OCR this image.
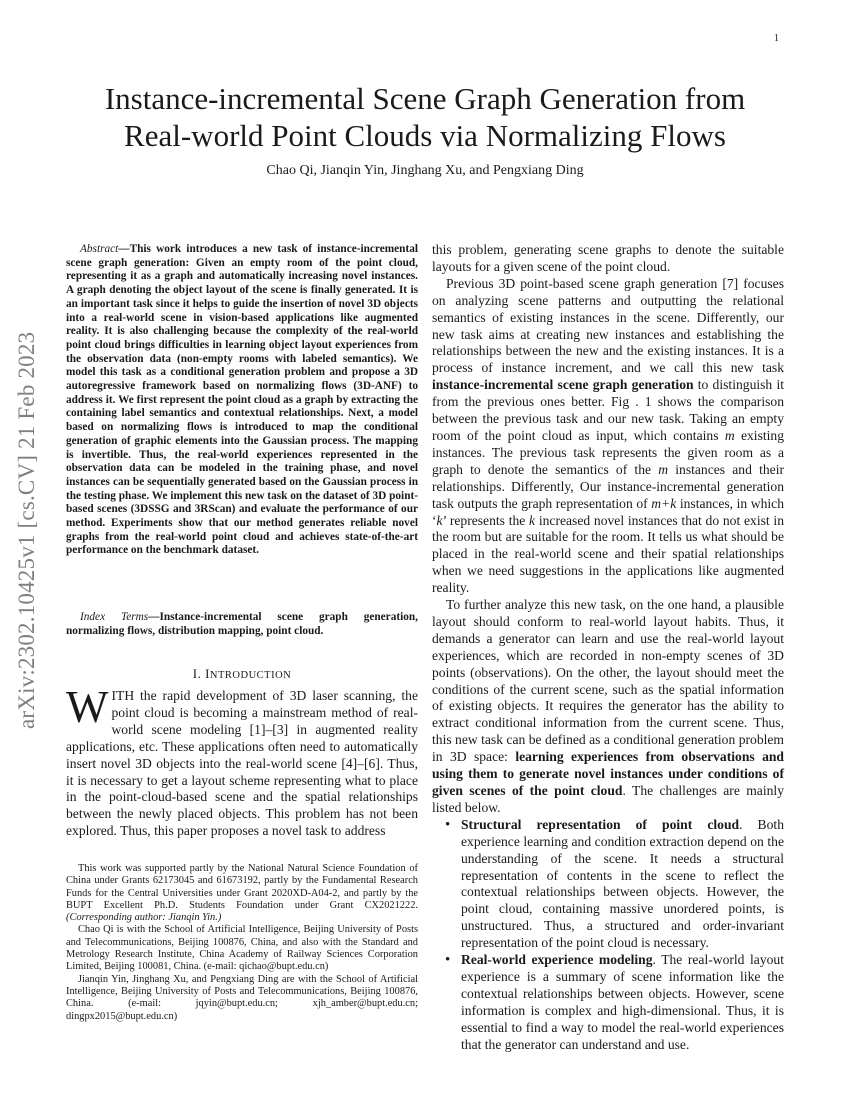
1
arXiv:2302.10425v1 [cs.CV] 21 Feb 2023
Instance-incremental Scene Graph Generation from
Real-world Point Clouds via Normalizing Flows
Chao Qi, Jianqin Yin, Jinghang Xu, and Pengxiang Ding

Abstract—This work introduces a new task of instance-incremental scene graph generation: Given an empty room of the point cloud, representing it as a graph and automatically increasing novel instances. A graph denoting the object layout of the scene is finally generated. It is an important task since it helps to guide the insertion of novel 3D objects into a real-world scene in vision-based applications like augmented reality. It is also challenging because the complexity of the real-world point cloud brings difficulties in learning object layout experiences from the observation data (non-empty rooms with labeled semantics). We model this task as a conditional generation problem and propose a 3D autoregressive framework based on normalizing flows (3D-ANF) to address it. We first represent the point cloud as a graph by extracting the containing label semantics and contextual relationships. Next, a model based on normalizing flows is introduced to map the conditional generation of graphic elements into the Gaussian process. The mapping is invertible. Thus, the real-world experiences represented in the observation data can be modeled in the training phase, and novel instances can be sequentially generated based on the Gaussian process in the testing phase. We implement this new task on the dataset of 3D point-based scenes (3DSSG and 3RScan) and evaluate the performance of our method. Experiments show that our method generates reliable novel graphs from the real-world point cloud and achieves state-of-the-art performance on the benchmark dataset.

Index Terms—Instance-incremental scene graph generation, normalizing flows, distribution mapping, point cloud.

I. INTRODUCTION

WITH the rapid development of 3D laser scanning, the point cloud is becoming a mainstream method of real-world scene modeling [1]–[3] in augmented reality applications, etc. These applications often need to automatically insert novel 3D objects into the real-world scene [4]–[6]. Thus, it is necessary to get a layout scheme representing what to place in the point-cloud-based scene and the spatial relationships between the newly placed objects. This problem has not been explored. Thus, this paper proposes a novel task to address

This work was supported partly by the National Natural Science Foundation of China under Grants 62173045 and 61673192, partly by the Fundamental Research Funds for the Central Universities under Grant 2020XD-A04-2, and partly by the BUPT Excellent Ph.D. Students Foundation under Grant CX2021222. (Corresponding author: Jianqin Yin.)

Chao Qi is with the School of Artificial Intelligence, Beijing University of Posts and Telecommunications, Beijing 100876, China, and also with the Standard and Metrology Research Institute, China Academy of Railway Sciences Corporation Limited, Beijing 100081, China. (e-mail: qichao@bupt.edu.cn)

Jianqin Yin, Jinghang Xu, and Pengxiang Ding are with the School of Artificial Intelligence, Beijing University of Posts and Telecommunications, Beijing 100876, China. (e-mail: jqyin@bupt.edu.cn; xjh_amber@bupt.edu.cn; dingpx2015@bupt.edu.cn)

this problem, generating scene graphs to denote the suitable layouts for a given scene of the point cloud.

Previous 3D point-based scene graph generation [7] focuses on analyzing scene patterns and outputting the relational semantics of existing instances in the scene. Differently, our new task aims at creating new instances and establishing the relationships between the new and the existing instances. It is a process of instance increment, and we call this new task instance-incremental scene graph generation to distinguish it from the previous ones better. Fig . 1 shows the comparison between the previous task and our new task. Taking an empty room of the point cloud as input, which contains m existing instances. The previous task represents the given room as a graph to denote the semantics of the m instances and their relationships. Differently, Our instance-incremental generation task outputs the graph representation of m+k instances, in which ‘k’ represents the k increased novel instances that do not exist in the room but are suitable for the room. It tells us what should be placed in the real-world scene and their spatial relationships when we need suggestions in the applications like augmented reality.

To further analyze this new task, on the one hand, a plausible layout should conform to real-world layout habits. Thus, it demands a generator can learn and use the real-world layout experiences, which are recorded in non-empty scenes of 3D points (observations). On the other, the layout should meet the conditions of the current scene, such as the spatial information of existing objects. It requires the generator has the ability to extract conditional information from the current scene. Thus, this new task can be defined as a conditional generation problem in 3D space: learning experiences from observations and using them to generate novel instances under conditions of given scenes of the point cloud. The challenges are mainly listed below.

• Structural representation of point cloud. Both experience learning and condition extraction depend on the understanding of the scene. It needs a structural representation of contents in the scene to reflect the contextual relationships between objects. However, the point cloud, containing massive unordered points, is unstructured. Thus, a structured and order-invariant representation of the point cloud is necessary.
• Real-world experience modeling. The real-world layout experience is a summary of scene information like the contextual relationships between objects. However, scene information is complex and high-dimensional. Thus, it is essential to find a way to model the real-world experiences that the generator can understand and use.
